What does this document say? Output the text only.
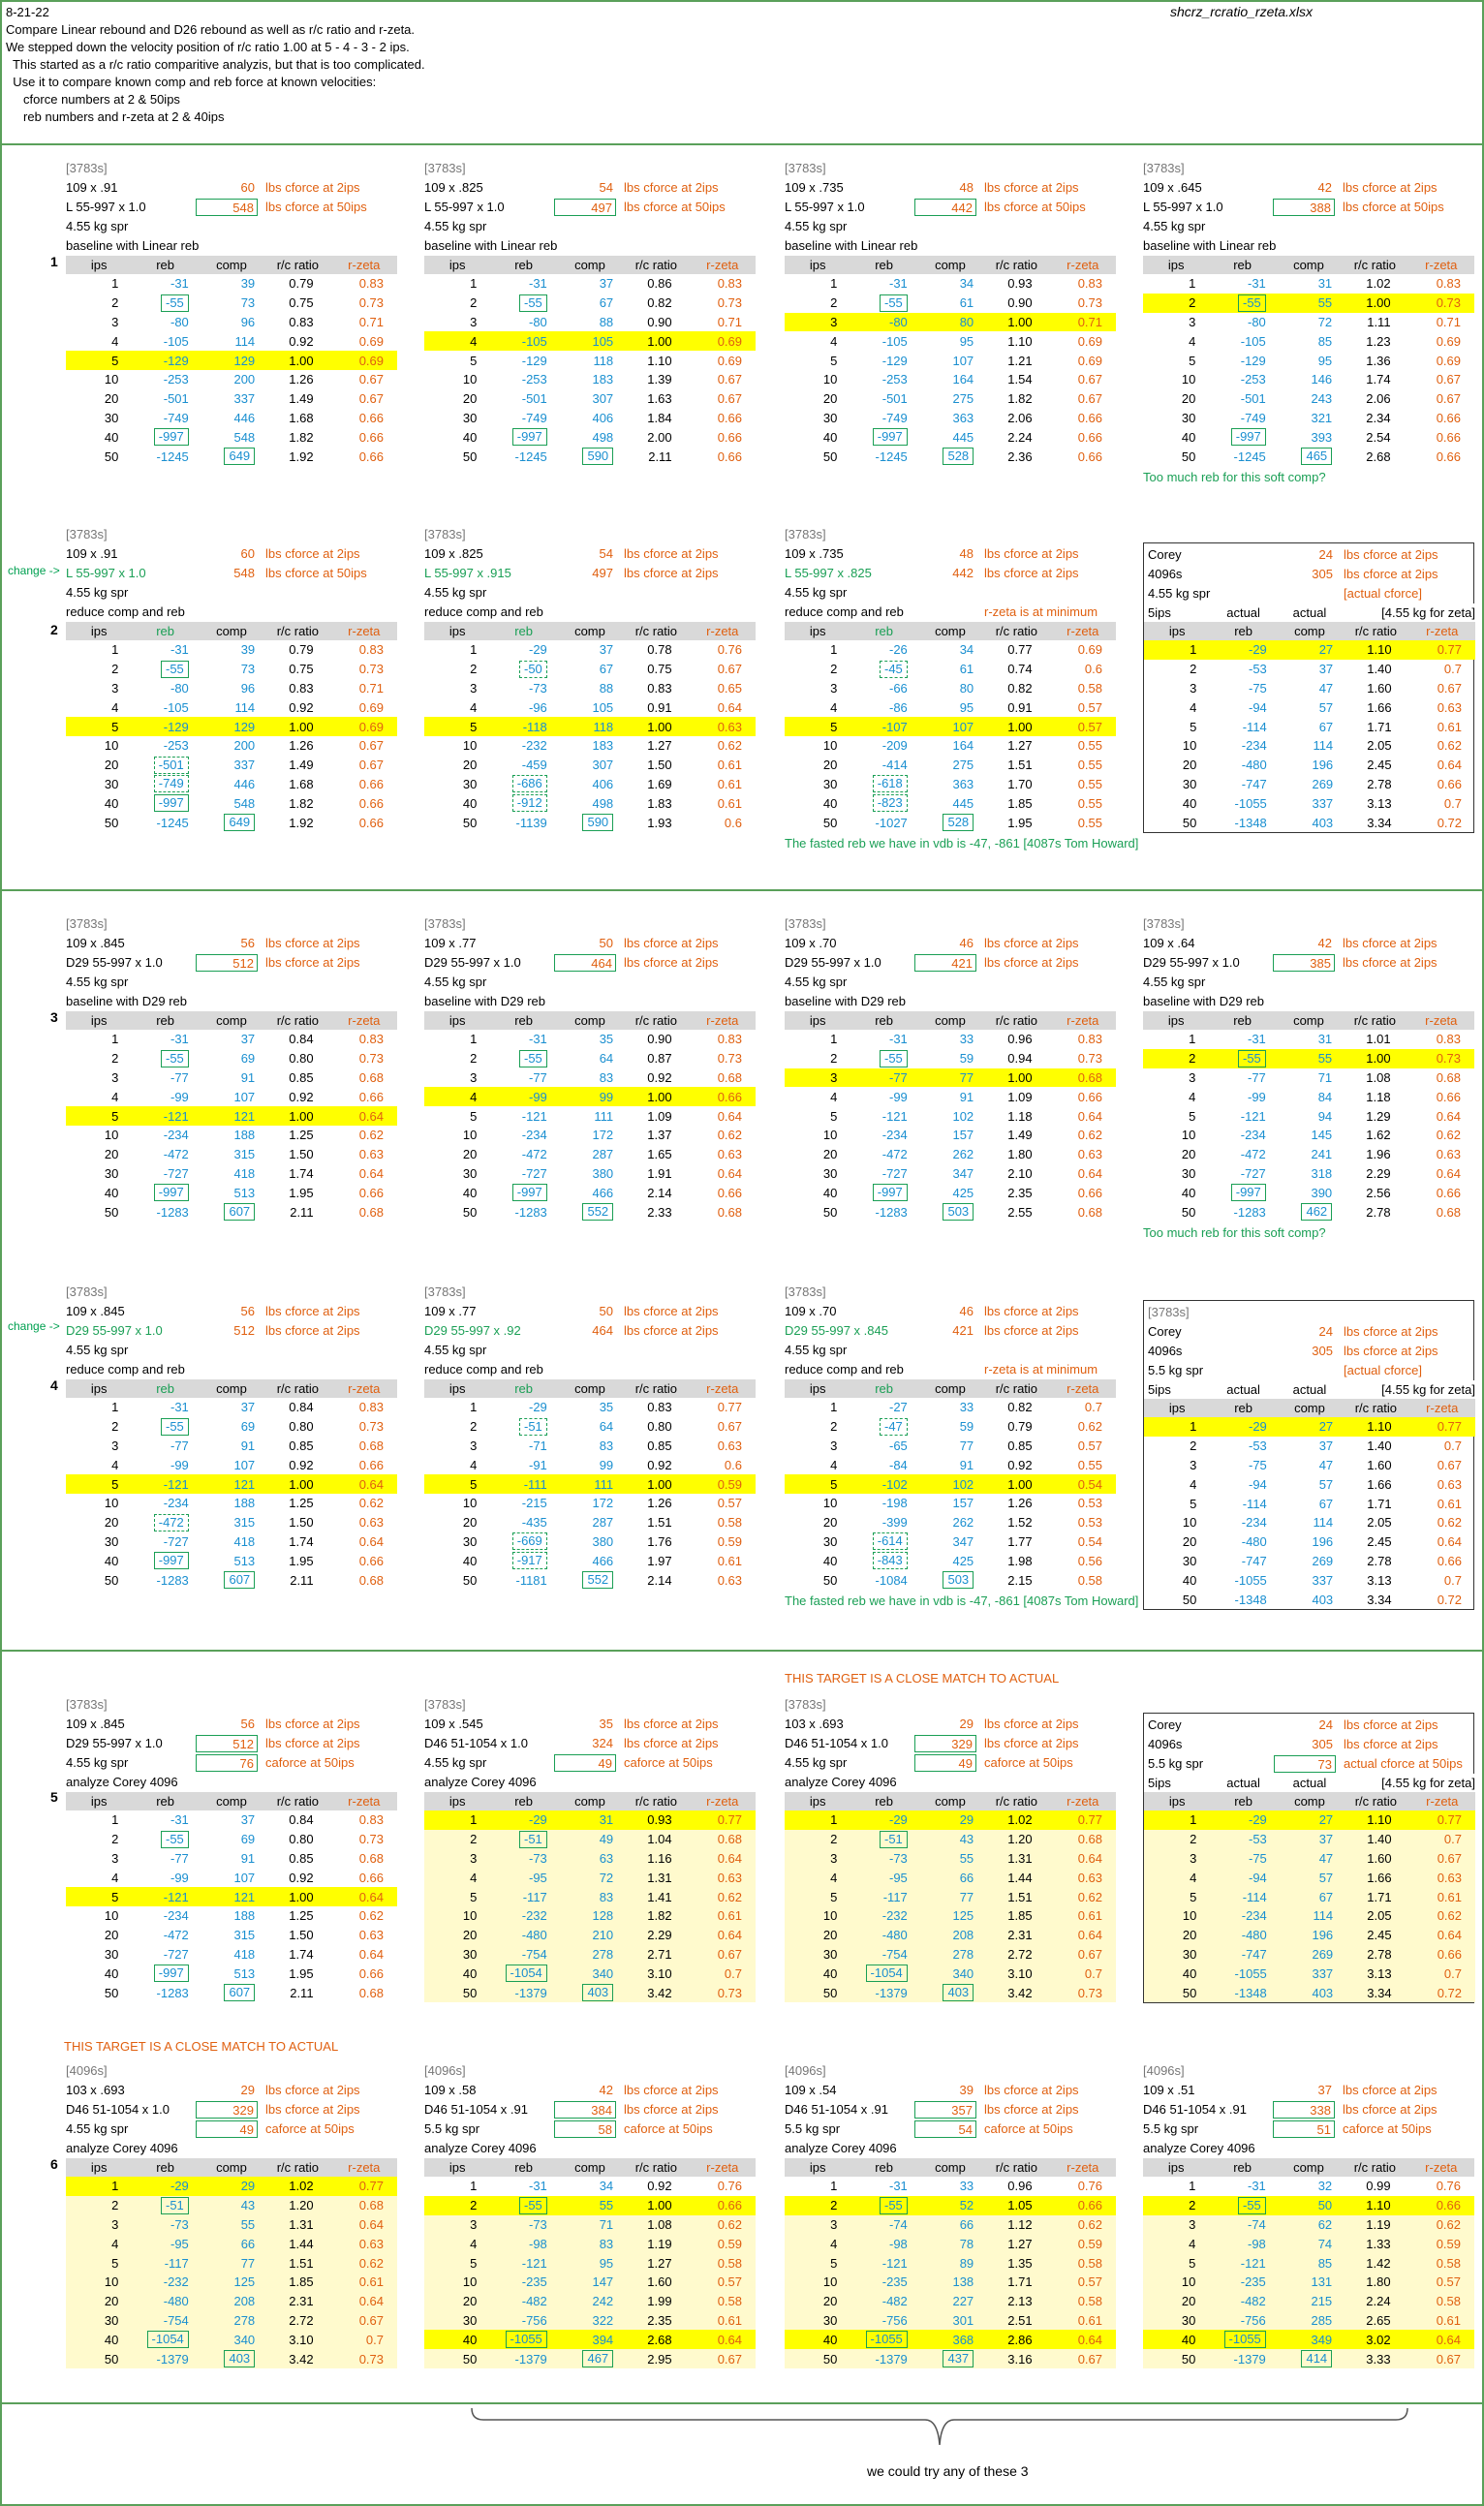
8-21-22
Compare Linear rebound and D26 rebound as well as r/c ratio and r-zeta.
We stepped down the velocity position of r/c ratio 1.00 at 5 - 4 - 3 - 2 ips.
This started as a r/c ratio comparitive analyzis, but that is too complicated.
Use it to compare known comp and reb force at known velocities:
cforce numbers at 2 & 50ips
reb numbers and r-zeta at 2 & 40ips
shcrz_rcratio_rzeta.xlsx
1
2
3
4
5
6
change ->
change ->
THIS TARGET IS A CLOSE MATCH TO ACTUAL
THIS TARGET IS A CLOSE MATCH TO ACTUAL
we could try any of these 3
[3783s]
109 x .91	60 lbs cforce at 2ips
L 55-997 x 1.0	548 lbs cforce at 50ips
4.55 kg spr
baseline with Linear reb
ips	reb	comp	r/c ratio	r-zeta
1	-31	39	0.79	0.83
2	-55	73	0.75	0.73
3	-80	96	0.83	0.71
4	-105	114	0.92	0.69
5	-129	129	1.00	0.69
10	-253	200	1.26	0.67
20	-501	337	1.49	0.67
30	-749	446	1.68	0.66
40	-997	548	1.82	0.66
50	-1245	649	1.92	0.66
[3783s]
109 x .825	54 lbs cforce at 2ips
L 55-997 x 1.0	497 lbs cforce at 50ips
4.55 kg spr
baseline with Linear reb
ips	reb	comp	r/c ratio	r-zeta
1	-31	37	0.86	0.83
2	-55	67	0.82	0.73
3	-80	88	0.90	0.71
4	-105	105	1.00	0.69
5	-129	118	1.10	0.69
10	-253	183	1.39	0.67
20	-501	307	1.63	0.67
30	-749	406	1.84	0.66
40	-997	498	2.00	0.66
50	-1245	590	2.11	0.66
[3783s]
109 x .735	48 lbs cforce at 2ips
L 55-997 x 1.0	442 lbs cforce at 50ips
4.55 kg spr
baseline with Linear reb
ips	reb	comp	r/c ratio	r-zeta
1	-31	34	0.93	0.83
2	-55	61	0.90	0.73
3	-80	80	1.00	0.71
4	-105	95	1.10	0.69
5	-129	107	1.21	0.69
10	-253	164	1.54	0.67
20	-501	275	1.82	0.67
30	-749	363	2.06	0.66
40	-997	445	2.24	0.66
50	-1245	528	2.36	0.66
[3783s]
109 x .645	42 lbs cforce at 2ips
L 55-997 x 1.0	388 lbs cforce at 50ips
4.55 kg spr
baseline with Linear reb
ips	reb	comp	r/c ratio	r-zeta
1	-31	31	1.02	0.83
2	-55	55	1.00	0.73
3	-80	72	1.11	0.71
4	-105	85	1.23	0.69
5	-129	95	1.36	0.69
10	-253	146	1.74	0.67
20	-501	243	2.06	0.67
30	-749	321	2.34	0.66
40	-997	393	2.54	0.66
50	-1245	465	2.68	0.66
Too much reb for this soft comp?
[3783s]
109 x .91	60 lbs cforce at 2ips
L 55-997 x 1.0	548 lbs cforce at 50ips
4.55 kg spr
reduce comp and reb
ips	reb	comp	r/c ratio	r-zeta
1	-31	39	0.79	0.83
2	-55	73	0.75	0.73
3	-80	96	0.83	0.71
4	-105	114	0.92	0.69
5	-129	129	1.00	0.69
10	-253	200	1.26	0.67
20	-501	337	1.49	0.67
30	-749	446	1.68	0.66
40	-997	548	1.82	0.66
50	-1245	649	1.92	0.66
[3783s]
109 x .825	54 lbs cforce at 2ips
L 55-997 x .915	497 lbs cforce at 2ips
4.55 kg spr
reduce comp and reb
ips	reb	comp	r/c ratio	r-zeta
1	-29	37	0.78	0.76
2	-50	67	0.75	0.67
3	-73	88	0.83	0.65
4	-96	105	0.91	0.64
5	-118	118	1.00	0.63
10	-232	183	1.27	0.62
20	-459	307	1.50	0.61
30	-686	406	1.69	0.61
40	-912	498	1.83	0.61
50	-1139	590	1.93	0.6
[3783s]
109 x .735	48 lbs cforce at 2ips
L 55-997 x .825	442 lbs cforce at 2ips
4.55 kg spr
reduce comp and reb	r-zeta is at minimum
ips	reb	comp	r/c ratio	r-zeta
1	-26	34	0.77	0.69
2	-45	61	0.74	0.6
3	-66	80	0.82	0.58
4	-86	95	0.91	0.57
5	-107	107	1.00	0.57
10	-209	164	1.27	0.55
20	-414	275	1.51	0.55
30	-618	363	1.70	0.55
40	-823	445	1.85	0.55
50	-1027	528	1.95	0.55
The fasted reb we have in vdb is -47, -861 [4087s Tom Howard]
Corey	24 lbs cforce at 2ips
4096s	305 lbs cforce at 2ips
4.55 kg spr	[actual cforce]
5ips	actual	actual	[4.55 kg for zeta]	
ips	reb	comp	r/c ratio	r-zeta
1	-29	27	1.10	0.77
2	-53	37	1.40	0.7
3	-75	47	1.60	0.67
4	-94	57	1.66	0.63
5	-114	67	1.71	0.61
10	-234	114	2.05	0.62
20	-480	196	2.45	0.64
30	-747	269	2.78	0.66
40	-1055	337	3.13	0.7
50	-1348	403	3.34	0.72
[3783s]
109 x .845	56 lbs cforce at 2ips
D29 55-997 x 1.0	512 lbs cforce at 2ips
4.55 kg spr
baseline with D29 reb
ips	reb	comp	r/c ratio	r-zeta
1	-31	37	0.84	0.83
2	-55	69	0.80	0.73
3	-77	91	0.85	0.68
4	-99	107	0.92	0.66
5	-121	121	1.00	0.64
10	-234	188	1.25	0.62
20	-472	315	1.50	0.63
30	-727	418	1.74	0.64
40	-997	513	1.95	0.66
50	-1283	607	2.11	0.68
[3783s]
109 x .77	50 lbs cforce at 2ips
D29 55-997 x 1.0	464 lbs cforce at 2ips
4.55 kg spr
baseline with D29 reb
ips	reb	comp	r/c ratio	r-zeta
1	-31	35	0.90	0.83
2	-55	64	0.87	0.73
3	-77	83	0.92	0.68
4	-99	99	1.00	0.66
5	-121	111	1.09	0.64
10	-234	172	1.37	0.62
20	-472	287	1.65	0.63
30	-727	380	1.91	0.64
40	-997	466	2.14	0.66
50	-1283	552	2.33	0.68
[3783s]
109 x .70	46 lbs cforce at 2ips
D29 55-997 x 1.0	421 lbs cforce at 2ips
4.55 kg spr
baseline with D29 reb
ips	reb	comp	r/c ratio	r-zeta
1	-31	33	0.96	0.83
2	-55	59	0.94	0.73
3	-77	77	1.00	0.68
4	-99	91	1.09	0.66
5	-121	102	1.18	0.64
10	-234	157	1.49	0.62
20	-472	262	1.80	0.63
30	-727	347	2.10	0.64
40	-997	425	2.35	0.66
50	-1283	503	2.55	0.68
[3783s]
109 x .64	42 lbs cforce at 2ips
D29 55-997 x 1.0	385 lbs cforce at 2ips
4.55 kg spr
baseline with D29 reb
ips	reb	comp	r/c ratio	r-zeta
1	-31	31	1.01	0.83
2	-55	55	1.00	0.73
3	-77	71	1.08	0.68
4	-99	84	1.18	0.66
5	-121	94	1.29	0.64
10	-234	145	1.62	0.62
20	-472	241	1.96	0.63
30	-727	318	2.29	0.64
40	-997	390	2.56	0.66
50	-1283	462	2.78	0.68
Too much reb for this soft comp?
[3783s]
109 x .845	56 lbs cforce at 2ips
D29 55-997 x 1.0	512 lbs cforce at 2ips
4.55 kg spr
reduce comp and reb
ips	reb	comp	r/c ratio	r-zeta
1	-31	37	0.84	0.83
2	-55	69	0.80	0.73
3	-77	91	0.85	0.68
4	-99	107	0.92	0.66
5	-121	121	1.00	0.64
10	-234	188	1.25	0.62
20	-472	315	1.50	0.63
30	-727	418	1.74	0.64
40	-997	513	1.95	0.66
50	-1283	607	2.11	0.68
[3783s]
109 x .77	50 lbs cforce at 2ips
D29 55-997 x .92	464 lbs cforce at 2ips
4.55 kg spr
reduce comp and reb
ips	reb	comp	r/c ratio	r-zeta
1	-29	35	0.83	0.77
2	-51	64	0.80	0.67
3	-71	83	0.85	0.63
4	-91	99	0.92	0.6
5	-111	111	1.00	0.59
10	-215	172	1.26	0.57
20	-435	287	1.51	0.58
30	-669	380	1.76	0.59
40	-917	466	1.97	0.61
50	-1181	552	2.14	0.63
[3783s]
109 x .70	46 lbs cforce at 2ips
D29 55-997 x .845	421 lbs cforce at 2ips
4.55 kg spr
reduce comp and reb	r-zeta is at minimum
ips	reb	comp	r/c ratio	r-zeta
1	-27	33	0.82	0.7
2	-47	59	0.79	0.62
3	-65	77	0.85	0.57
4	-84	91	0.92	0.55
5	-102	102	1.00	0.54
10	-198	157	1.26	0.53
20	-399	262	1.52	0.53
30	-614	347	1.77	0.54
40	-843	425	1.98	0.56
50	-1084	503	2.15	0.58
The fasted reb we have in vdb is -47, -861 [4087s Tom Howard]
[3783s]
Corey	24 lbs cforce at 2ips
4096s	305 lbs cforce at 2ips
5.5 kg spr	[actual cforce]
5ips	actual	actual	[4.55 kg for zeta]	
ips	reb	comp	r/c ratio	r-zeta
1	-29	27	1.10	0.77
2	-53	37	1.40	0.7
3	-75	47	1.60	0.67
4	-94	57	1.66	0.63
5	-114	67	1.71	0.61
10	-234	114	2.05	0.62
20	-480	196	2.45	0.64
30	-747	269	2.78	0.66
40	-1055	337	3.13	0.7
50	-1348	403	3.34	0.72
[3783s]
109 x .845	56 lbs cforce at 2ips
D29 55-997 x 1.0	512 lbs cforce at 2ips
4.55 kg spr	76 caforce at 50ips
analyze Corey 4096
ips	reb	comp	r/c ratio	r-zeta
1	-31	37	0.84	0.83
2	-55	69	0.80	0.73
3	-77	91	0.85	0.68
4	-99	107	0.92	0.66
5	-121	121	1.00	0.64
10	-234	188	1.25	0.62
20	-472	315	1.50	0.63
30	-727	418	1.74	0.64
40	-997	513	1.95	0.66
50	-1283	607	2.11	0.68
[3783s]
109 x .545	35 lbs cforce at 2ips
D46 51-1054 x 1.0	324 lbs cforce at 2ips
4.55 kg spr	49 caforce at 50ips
analyze Corey 4096
ips	reb	comp	r/c ratio	r-zeta
1	-29	31	0.93	0.77
2	-51	49	1.04	0.68
3	-73	63	1.16	0.64
4	-95	72	1.31	0.63
5	-117	83	1.41	0.62
10	-232	128	1.82	0.61
20	-480	210	2.29	0.64
30	-754	278	2.71	0.67
40	-1054	340	3.10	0.7
50	-1379	403	3.42	0.73
[3783s]
103 x .693	29 lbs cforce at 2ips
D46 51-1054 x 1.0	329 lbs cforce at 2ips
4.55 kg spr	49 caforce at 50ips
analyze Corey 4096
ips	reb	comp	r/c ratio	r-zeta
1	-29	29	1.02	0.77
2	-51	43	1.20	0.68
3	-73	55	1.31	0.64
4	-95	66	1.44	0.63
5	-117	77	1.51	0.62
10	-232	125	1.85	0.61
20	-480	208	2.31	0.64
30	-754	278	2.72	0.67
40	-1054	340	3.10	0.7
50	-1379	403	3.42	0.73
Corey	24 lbs cforce at 2ips
4096s	305 lbs cforce at 2ips
5.5 kg spr	73 actual cforce at 50ips
5ips	actual	actual	[4.55 kg for zeta]	
ips	reb	comp	r/c ratio	r-zeta
1	-29	27	1.10	0.77
2	-53	37	1.40	0.7
3	-75	47	1.60	0.67
4	-94	57	1.66	0.63
5	-114	67	1.71	0.61
10	-234	114	2.05	0.62
20	-480	196	2.45	0.64
30	-747	269	2.78	0.66
40	-1055	337	3.13	0.7
50	-1348	403	3.34	0.72
[4096s]
103 x .693	29 lbs cforce at 2ips
D46 51-1054 x 1.0	329 lbs cforce at 2ips
4.55 kg spr	49 caforce at 50ips
analyze Corey 4096
ips	reb	comp	r/c ratio	r-zeta
1	-29	29	1.02	0.77
2	-51	43	1.20	0.68
3	-73	55	1.31	0.64
4	-95	66	1.44	0.63
5	-117	77	1.51	0.62
10	-232	125	1.85	0.61
20	-480	208	2.31	0.64
30	-754	278	2.72	0.67
40	-1054	340	3.10	0.7
50	-1379	403	3.42	0.73
[4096s]
109 x .58	42 lbs cforce at 2ips
D46 51-1054 x .91	384 lbs cforce at 2ips
5.5 kg spr	58 caforce at 50ips
analyze Corey 4096
ips	reb	comp	r/c ratio	r-zeta
1	-31	34	0.92	0.76
2	-55	55	1.00	0.66
3	-73	71	1.08	0.62
4	-98	83	1.19	0.59
5	-121	95	1.27	0.58
10	-235	147	1.60	0.57
20	-482	242	1.99	0.58
30	-756	322	2.35	0.61
40	-1055	394	2.68	0.64
50	-1379	467	2.95	0.67
[4096s]
109 x .54	39 lbs cforce at 2ips
D46 51-1054 x .91	357 lbs cforce at 2ips
5.5 kg spr	54 caforce at 50ips
analyze Corey 4096
ips	reb	comp	r/c ratio	r-zeta
1	-31	33	0.96	0.76
2	-55	52	1.05	0.66
3	-74	66	1.12	0.62
4	-98	78	1.27	0.59
5	-121	89	1.35	0.58
10	-235	138	1.71	0.57
20	-482	227	2.13	0.58
30	-756	301	2.51	0.61
40	-1055	368	2.86	0.64
50	-1379	437	3.16	0.67
[4096s]
109 x .51	37 lbs cforce at 2ips
D46 51-1054 x .91	338 lbs cforce at 2ips
5.5 kg spr	51 caforce at 50ips
analyze Corey 4096
ips	reb	comp	r/c ratio	r-zeta
1	-31	32	0.99	0.76
2	-55	50	1.10	0.66
3	-74	62	1.19	0.62
4	-98	74	1.33	0.59
5	-121	85	1.42	0.58
10	-235	131	1.80	0.57
20	-482	215	2.24	0.58
30	-756	285	2.65	0.61
40	-1055	349	3.02	0.64
50	-1379	414	3.33	0.67
